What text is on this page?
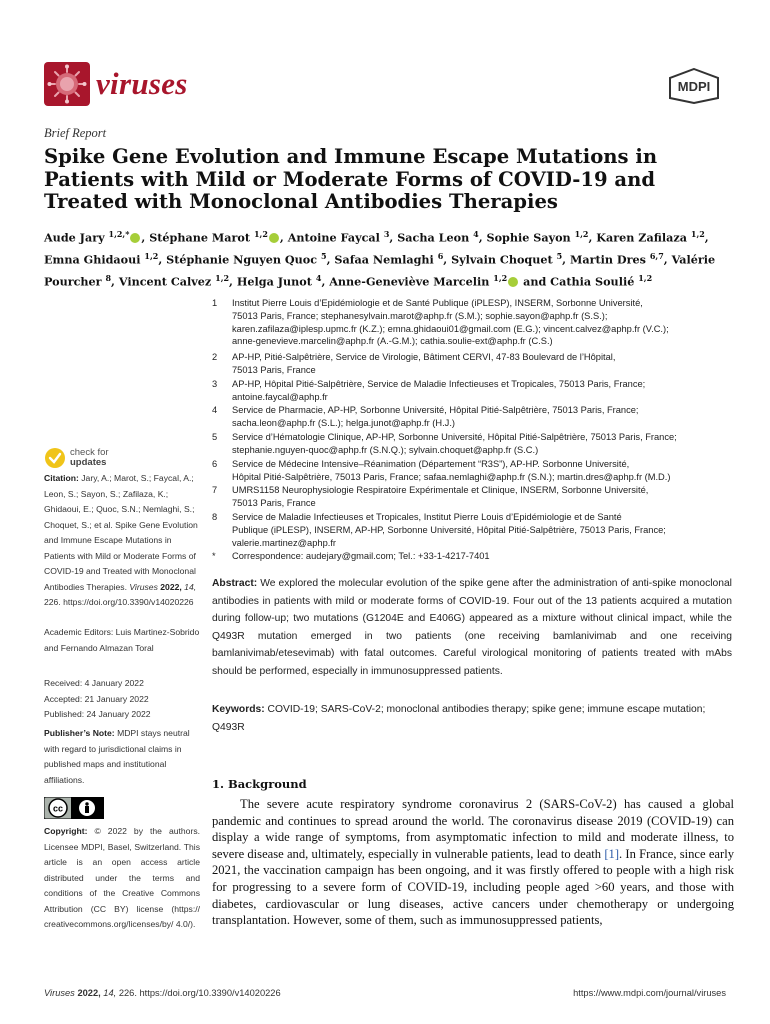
viruses	MDPI
Brief Report
Spike Gene Evolution and Immune Escape Mutations in Patients with Mild or Moderate Forms of COVID-19 and Treated with Monoclonal Antibodies Therapies
Aude Jary $^{1,2,*}$ , Stéphane Marot $^{1,2}$ , Antoine Faycal $^3$, Sacha Leon $^4$, Sophie Sayon $^{1,2}$, Karen Zafilaza $^{1,2}$, Emna Ghidaoui $^{1,2}$, Stéphanie Nguyen Quoc $^5$, Safaa Nemlaghi $^6$, Sylvain Choquet $^5$, Martin Dres $^{6,7}$, Valérie Pourcher $^8$, Vincent Calvez $^{1,2}$, Helga Junot $^4$, Anne-Geneviève Marcelin $^{1,2}$ and Cathia Soulié $^{1,2}$
1	Institut Pierre Louis d’Epidémiologie et de Santé Publique (iPLESP), INSERM, Sorbonne Université,
75013 Paris, France; stephanesylvain.marot@aphp.fr (S.M.); sophie.sayon@aphp.fr (S.S.);
karen.zafilaza@iplesp.upmc.fr (K.Z.); emna.ghidaoui01@gmail.com (E.G.); vincent.calvez@aphp.fr (V.C.);
anne-genevieve.marcelin@aphp.fr (A.-G.M.); cathia.soulie-ext@aphp.fr (C.S.)
2	AP-HP, Pitié-Salpêtrière, Service de Virologie, Bâtiment CERVI, 47-83 Boulevard de l’Hôpital,
75013 Paris, France
3	AP-HP, Hôpital Pitié-Salpêtrière, Service de Maladie Infectieuses et Tropicales, 75013 Paris, France;
antoine.faycal@aphp.fr
4	Service de Pharmacie, AP-HP, Sorbonne Université, Hôpital Pitié-Salpêtrière, 75013 Paris, France;
sacha.leon@aphp.fr (S.L.); helga.junot@aphp.fr (H.J.)
5	Service d’Hématologie Clinique, AP-HP, Sorbonne Université, Hôpital Pitié-Salpêtrière, 75013 Paris, France;
stephanie.nguyen-quoc@aphp.fr (S.N.Q.); sylvain.choquet@aphp.fr (S.C.)
6	Service de Médecine Intensive–Réanimation (Département “R3S”), AP-HP. Sorbonne Université,
Hôpital Pitié-Salpêtrière, 75013 Paris, France; safaa.nemlaghi@aphp.fr (S.N.); martin.dres@aphp.fr (M.D.)
7	UMRS1158 Neurophysiologie Respiratoire Expérimentale et Clinique, INSERM, Sorbonne Université,
75013 Paris, France
8	Service de Maladie Infectieuses et Tropicales, Institut Pierre Louis d’Epidémiologie et de Santé
Publique (iPLESP), INSERM, AP-HP, Sorbonne Université, Hôpital Pitié-Salpêtrière, 75013 Paris, France;
valerie.martinez@aphp.fr
*	Correspondence: audejary@gmail.com; Tel.: +33-1-4217-7401
check for
updates
Citation: Jary, A.; Marot, S.; Faycal, A.; Leon, S.; Sayon, S.; Zafilaza, K.; Ghidaoui, E.; Quoc, S.N.; Nemlaghi, S.; Choquet, S.; et al. Spike Gene Evolution and Immune Escape Mutations in Patients with Mild or Moderate Forms of COVID-19 and Treated with Monoclonal Antibodies Therapies. Viruses 2022, 14, 226. https://doi.org/10.3390/v14020226
Academic Editors: Luis Martinez-Sobrido and Fernando Almazan Toral
Received: 4 January 2022
Accepted: 21 January 2022
Published: 24 January 2022
Publisher’s Note: MDPI stays neutral with regard to jurisdictional claims in published maps and institutional affiliations.
cc
Copyright: © 2022 by the authors. Licensee MDPI, Basel, Switzerland. This article is an open access article distributed under the terms and conditions of the Creative Commons Attribution (CC BY) license (https:// creativecommons.org/licenses/by/ 4.0/).
Abstract: We explored the molecular evolution of the spike gene after the administration of anti-spike monoclonal antibodies in patients with mild or moderate forms of COVID-19. Four out of the 13 patients acquired a mutation during follow-up; two mutations (G1204E and E406G) appeared as a mixture without clinical impact, while the Q493R mutation emerged in two patients (one receiving bamlanivimab and one receiving bamlanivimab/etesevimab) with fatal outcomes. Careful virological monitoring of patients treated with mAbs should be performed, especially in immunosuppressed patients.
Keywords: COVID-19; SARS-CoV-2; monoclonal antibodies therapy; spike gene; immune escape mutation; Q493R
1. Background

The severe acute respiratory syndrome coronavirus 2 (SARS-CoV-2) has caused a global pandemic and continues to spread around the world. The coronavirus disease 2019 (COVID-19) can display a wide range of symptoms, from asymptomatic infection to mild and moderate illness, to severe disease and, ultimately, especially in vulnerable patients, lead to death [1]. In France, since early 2021, the vaccination campaign has been ongoing, and it was firstly offered to people with a high risk for progressing to a severe form of COVID-19, including people aged >60 years, and those with diabetes, cardiovascular or lung diseases, active cancers under chemotherapy or undergoing transplantation. However, some of them, such as immunosuppressed patients,

Viruses 2022, 14, 226. https://doi.org/10.3390/v14020226	https://www.mdpi.com/journal/viruses
